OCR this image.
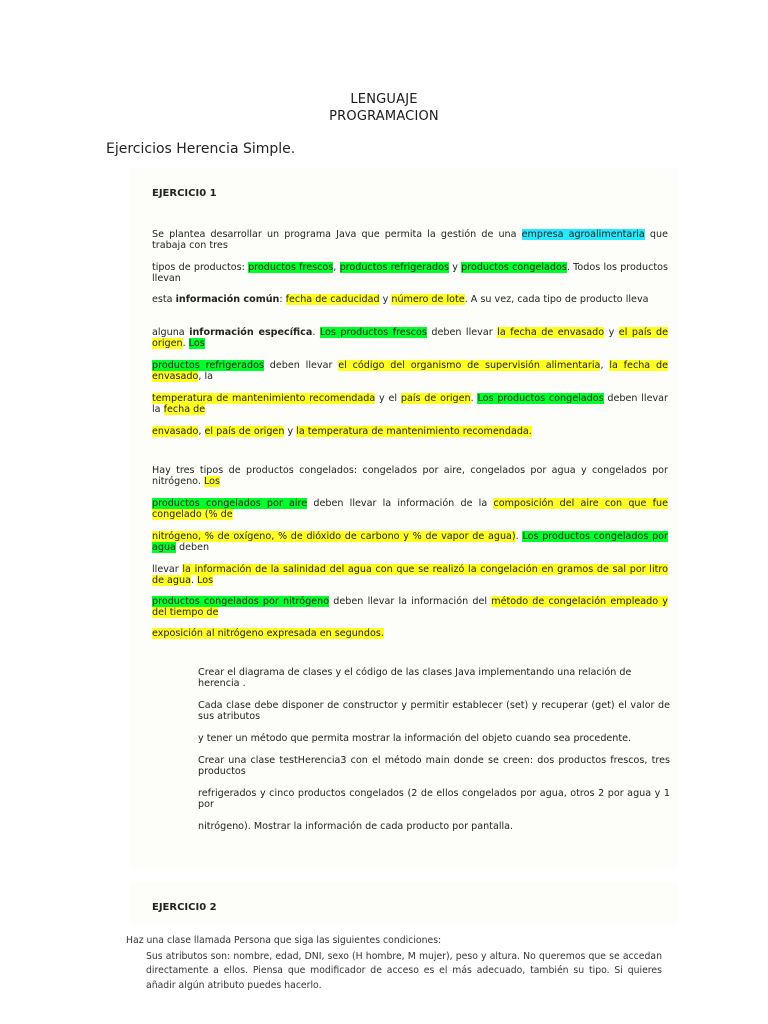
LENGUAJE
PROGRAMACION
Ejercicios Herencia Simple.
EJERCICI0 1

Se plantea desarrollar un programa Java que permita la gestión de una empresa agroalimentaria que trabaja con tres

tipos de productos: productos frescos, productos refrigerados y productos congelados. Todos los productos llevan

esta información común: fecha de caducidad y número de lote. A su vez, cada tipo de producto lleva

alguna información específica. Los productos frescos deben llevar la fecha de envasado y el país de origen. Los

productos refrigerados deben llevar el código del organismo de supervisión alimentaria, la fecha de envasado, la

temperatura de mantenimiento recomendada y el país de origen. Los productos congelados deben llevar la fecha de

envasado, el país de origen y la temperatura de mantenimiento recomendada.

Hay tres tipos de productos congelados: congelados por aire, congelados por agua y congelados por nitrógeno. Los

productos congelados por aire deben llevar la información de la composición del aire con que fue congelado (% de

nitrógeno, % de oxígeno, % de dióxido de carbono y % de vapor de agua). Los productos congelados por agua deben

llevar la información de la salinidad del agua con que se realizó la congelación en gramos de sal por litro de agua. Los

productos congelados por nitrógeno deben llevar la información del método de congelación empleado y del tiempo de

exposición al nitrógeno expresada en segundos.

Crear el diagrama de clases y el código de las clases Java implementando una relación de herencia .

Cada clase debe disponer de constructor y permitir establecer (set) y recuperar (get) el valor de sus atributos

y tener un método que permita mostrar la información del objeto cuando sea procedente.

Crear una clase testHerencia3 con el método main donde se creen: dos productos frescos, tres productos

refrigerados y cinco productos congelados (2 de ellos congelados por agua, otros 2 por agua y 1 por

nitrógeno). Mostrar la información de cada producto por pantalla.

EJERCICI0 2

Haz una clase llamada Persona que siga las siguientes condiciones:

Sus atributos son: nombre, edad, DNI, sexo (H hombre, M mujer), peso y altura. No queremos que se accedan directamente a ellos. Piensa que modificador de acceso es el más adecuado, también su tipo. Si quieres añadir algún atributo puedes hacerlo.
